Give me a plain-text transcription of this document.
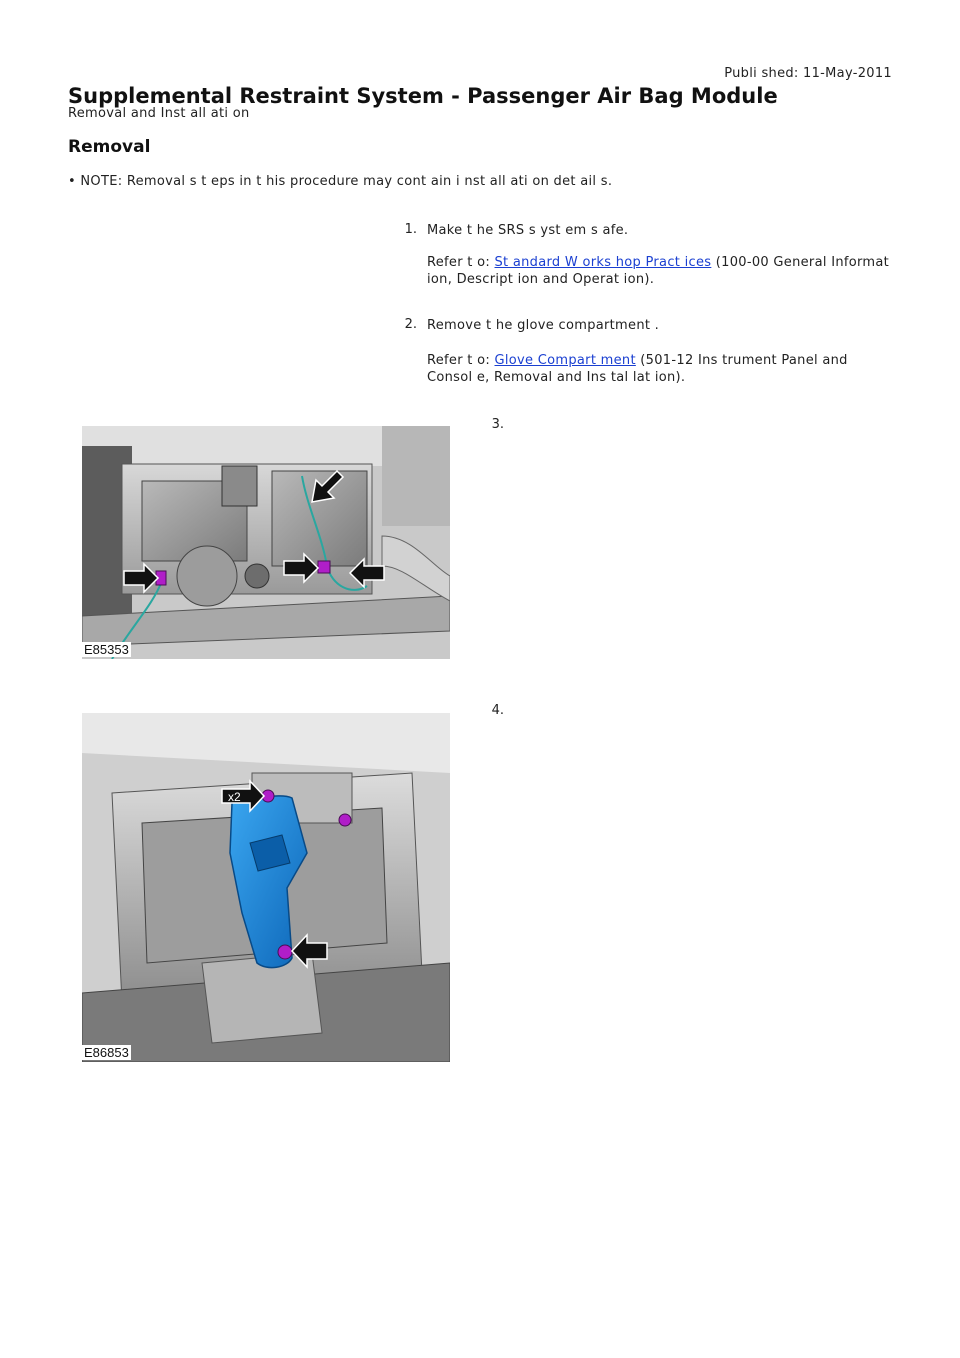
Publi shed: 11-May-2011
Supplemental Restraint System - Passenger Air Bag Module
Removal and Inst all ati on
Removal
• NOTE: Removal s t eps in t his procedure may cont ain i nst all ati on det ail s.
1. Make t he SRS s yst em s afe.
Refer t o: St andard W orks hop Pract ices (100-00 General Informat ion, Descript ion and Operat ion).
2. Remove t he glove compartment .
Refer t o: Glove Compart ment (501-12 Ins trument Panel and Consol e, Removal and Ins tal lat ion).
3.
E85353
4.
x2
E86853
